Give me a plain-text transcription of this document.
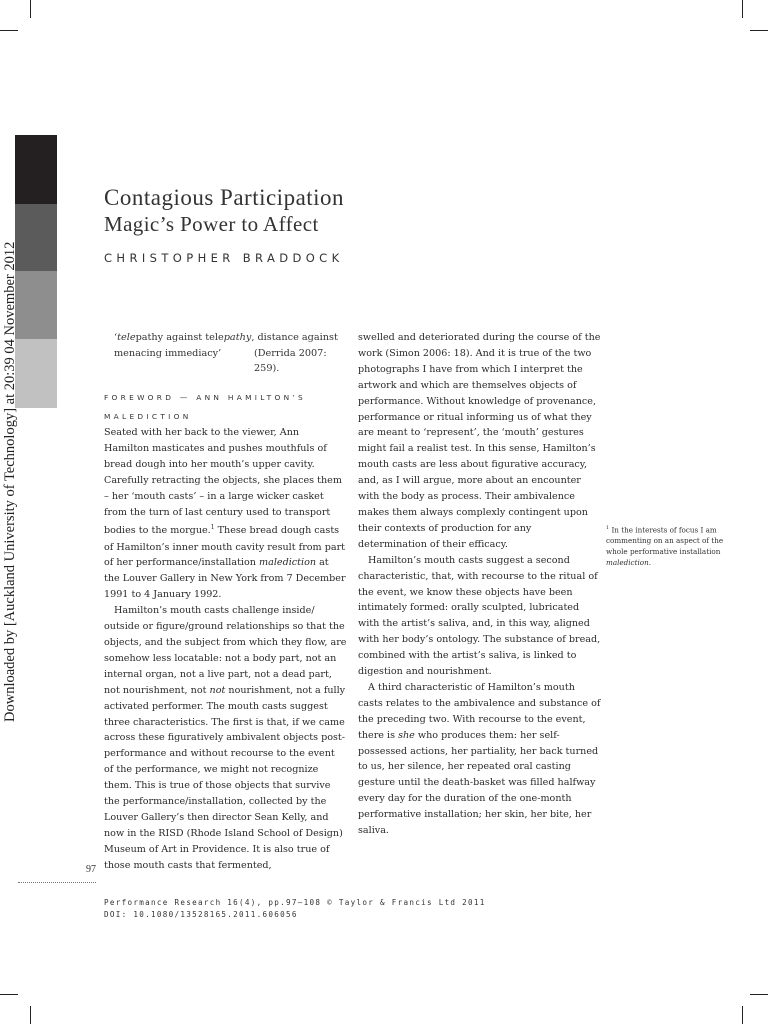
Downloaded by [Auckland University of Technology] at 20:39 04 November 2012
Contagious Participation
Magic’s Power to Affect
CHRISTOPHER BRADDOCK
‘telepathy against telepathy, distance against
menacing immediacy’	(Derrida 2007: 259).
FOREWORD — ANN HAMILTON’S MALEDICTION

Seated with her back to the viewer, Ann Hamilton masticates and pushes mouthfuls of bread dough into her mouth’s upper cavity. Carefully retracting the objects, she places them – her ‘mouth casts’ – in a large wicker casket from the turn of last century used to transport bodies to the morgue.$^1$ These bread dough casts of Hamilton’s inner mouth cavity result from part of her performance/installation malediction at the Louver Gallery in New York from 7 December 1991 to 4 January 1992.

Hamilton’s mouth casts challenge inside/ outside or figure/ground relationships so that the objects, and the subject from which they flow, are somehow less locatable: not a body part, not an internal organ, not a live part, not a dead part, not nourishment, not not nourishment, not a fully activated performer. The mouth casts suggest three characteristics. The first is that, if we came across these figuratively ambivalent objects post-performance and without recourse to the event of the performance, we might not recognize them. This is true of those objects that survive the performance/installation, collected by the Louver Gallery’s then director Sean Kelly, and now in the RISD (Rhode Island School of Design) Museum of Art in Providence. It is also true of those mouth casts that fermented,

swelled and deteriorated during the course of the work (Simon 2006: 18). And it is true of the two photographs I have from which I interpret the artwork and which are themselves objects of performance. Without knowledge of provenance, performance or ritual informing us of what they are meant to ‘represent’, the ‘mouth’ gestures might fail a realist test. In this sense, Hamilton’s mouth casts are less about figurative accuracy, and, as I will argue, more about an encounter with the body as process. Their ambivalence makes them always complexly contingent upon their contexts of production for any determination of their efficacy.

Hamilton’s mouth casts suggest a second characteristic, that, with recourse to the ritual of the event, we know these objects have been intimately formed: orally sculpted, lubricated with the artist’s saliva, and, in this way, aligned with her body’s ontology. The substance of bread, combined with the artist’s saliva, is linked to digestion and nourishment.

A third characteristic of Hamilton’s mouth casts relates to the ambivalence and substance of the preceding two. With recourse to the event, there is she who produces them: her self-possessed actions, her partiality, her back turned to us, her silence, her repeated oral casting gesture until the death-basket was filled halfway every day for the duration of the one-month performative installation; her skin, her bite, her saliva.

$^1$ In the interests of focus I am commenting on an aspect of the whole performative installation malediction.
97
Performance Research 16(4), pp.97–108 © Taylor & Francis Ltd 2011
DOI: 10.1080/13528165.2011.606056
